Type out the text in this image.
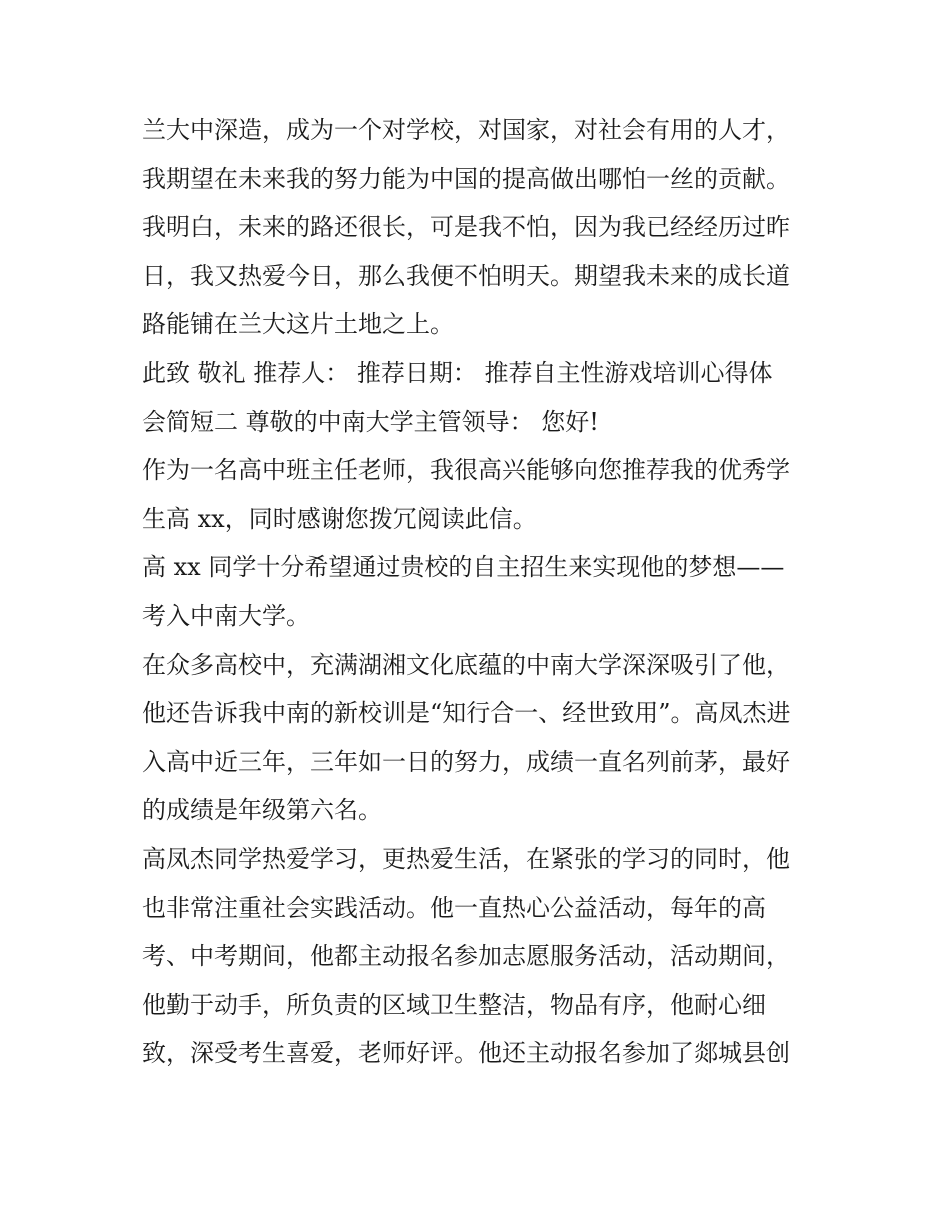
兰大中深造，成为一个对学校，对国家，对社会有用的人才，
我期望在未来我的努力能为中国的提高做出哪怕一丝的贡献。
我明白，未来的路还很长，可是我不怕，因为我已经经历过昨
日，我又热爱今日，那么我便不怕明天。期望我未来的成长道
路能铺在兰大这片土地之上。
此致 敬礼 推荐人： 推荐日期： 推荐自主性游戏培训心得体
会简短二 尊敬的中南大学主管领导： 您好!
作为一名高中班主任老师，我很高兴能够向您推荐我的优秀学
生高 xx，同时感谢您拨冗阅读此信。
高 xx 同学十分希望通过贵校的自主招生来实现他的梦想——
考入中南大学。
在众多高校中，充满湖湘文化底蕴的中南大学深深吸引了他，
他还告诉我中南的新校训是“知行合一、经世致用”。高凤杰进
入高中近三年，三年如一日的努力，成绩一直名列前茅，最好
的成绩是年级第六名。
高凤杰同学热爱学习，更热爱生活，在紧张的学习的同时，他
也非常注重社会实践活动。他一直热心公益活动，每年的高
考、中考期间，他都主动报名参加志愿服务活动，活动期间，
他勤于动手，所负责的区域卫生整洁，物品有序，他耐心细
致，深受考生喜爱，老师好评。他还主动报名参加了郯城县创
